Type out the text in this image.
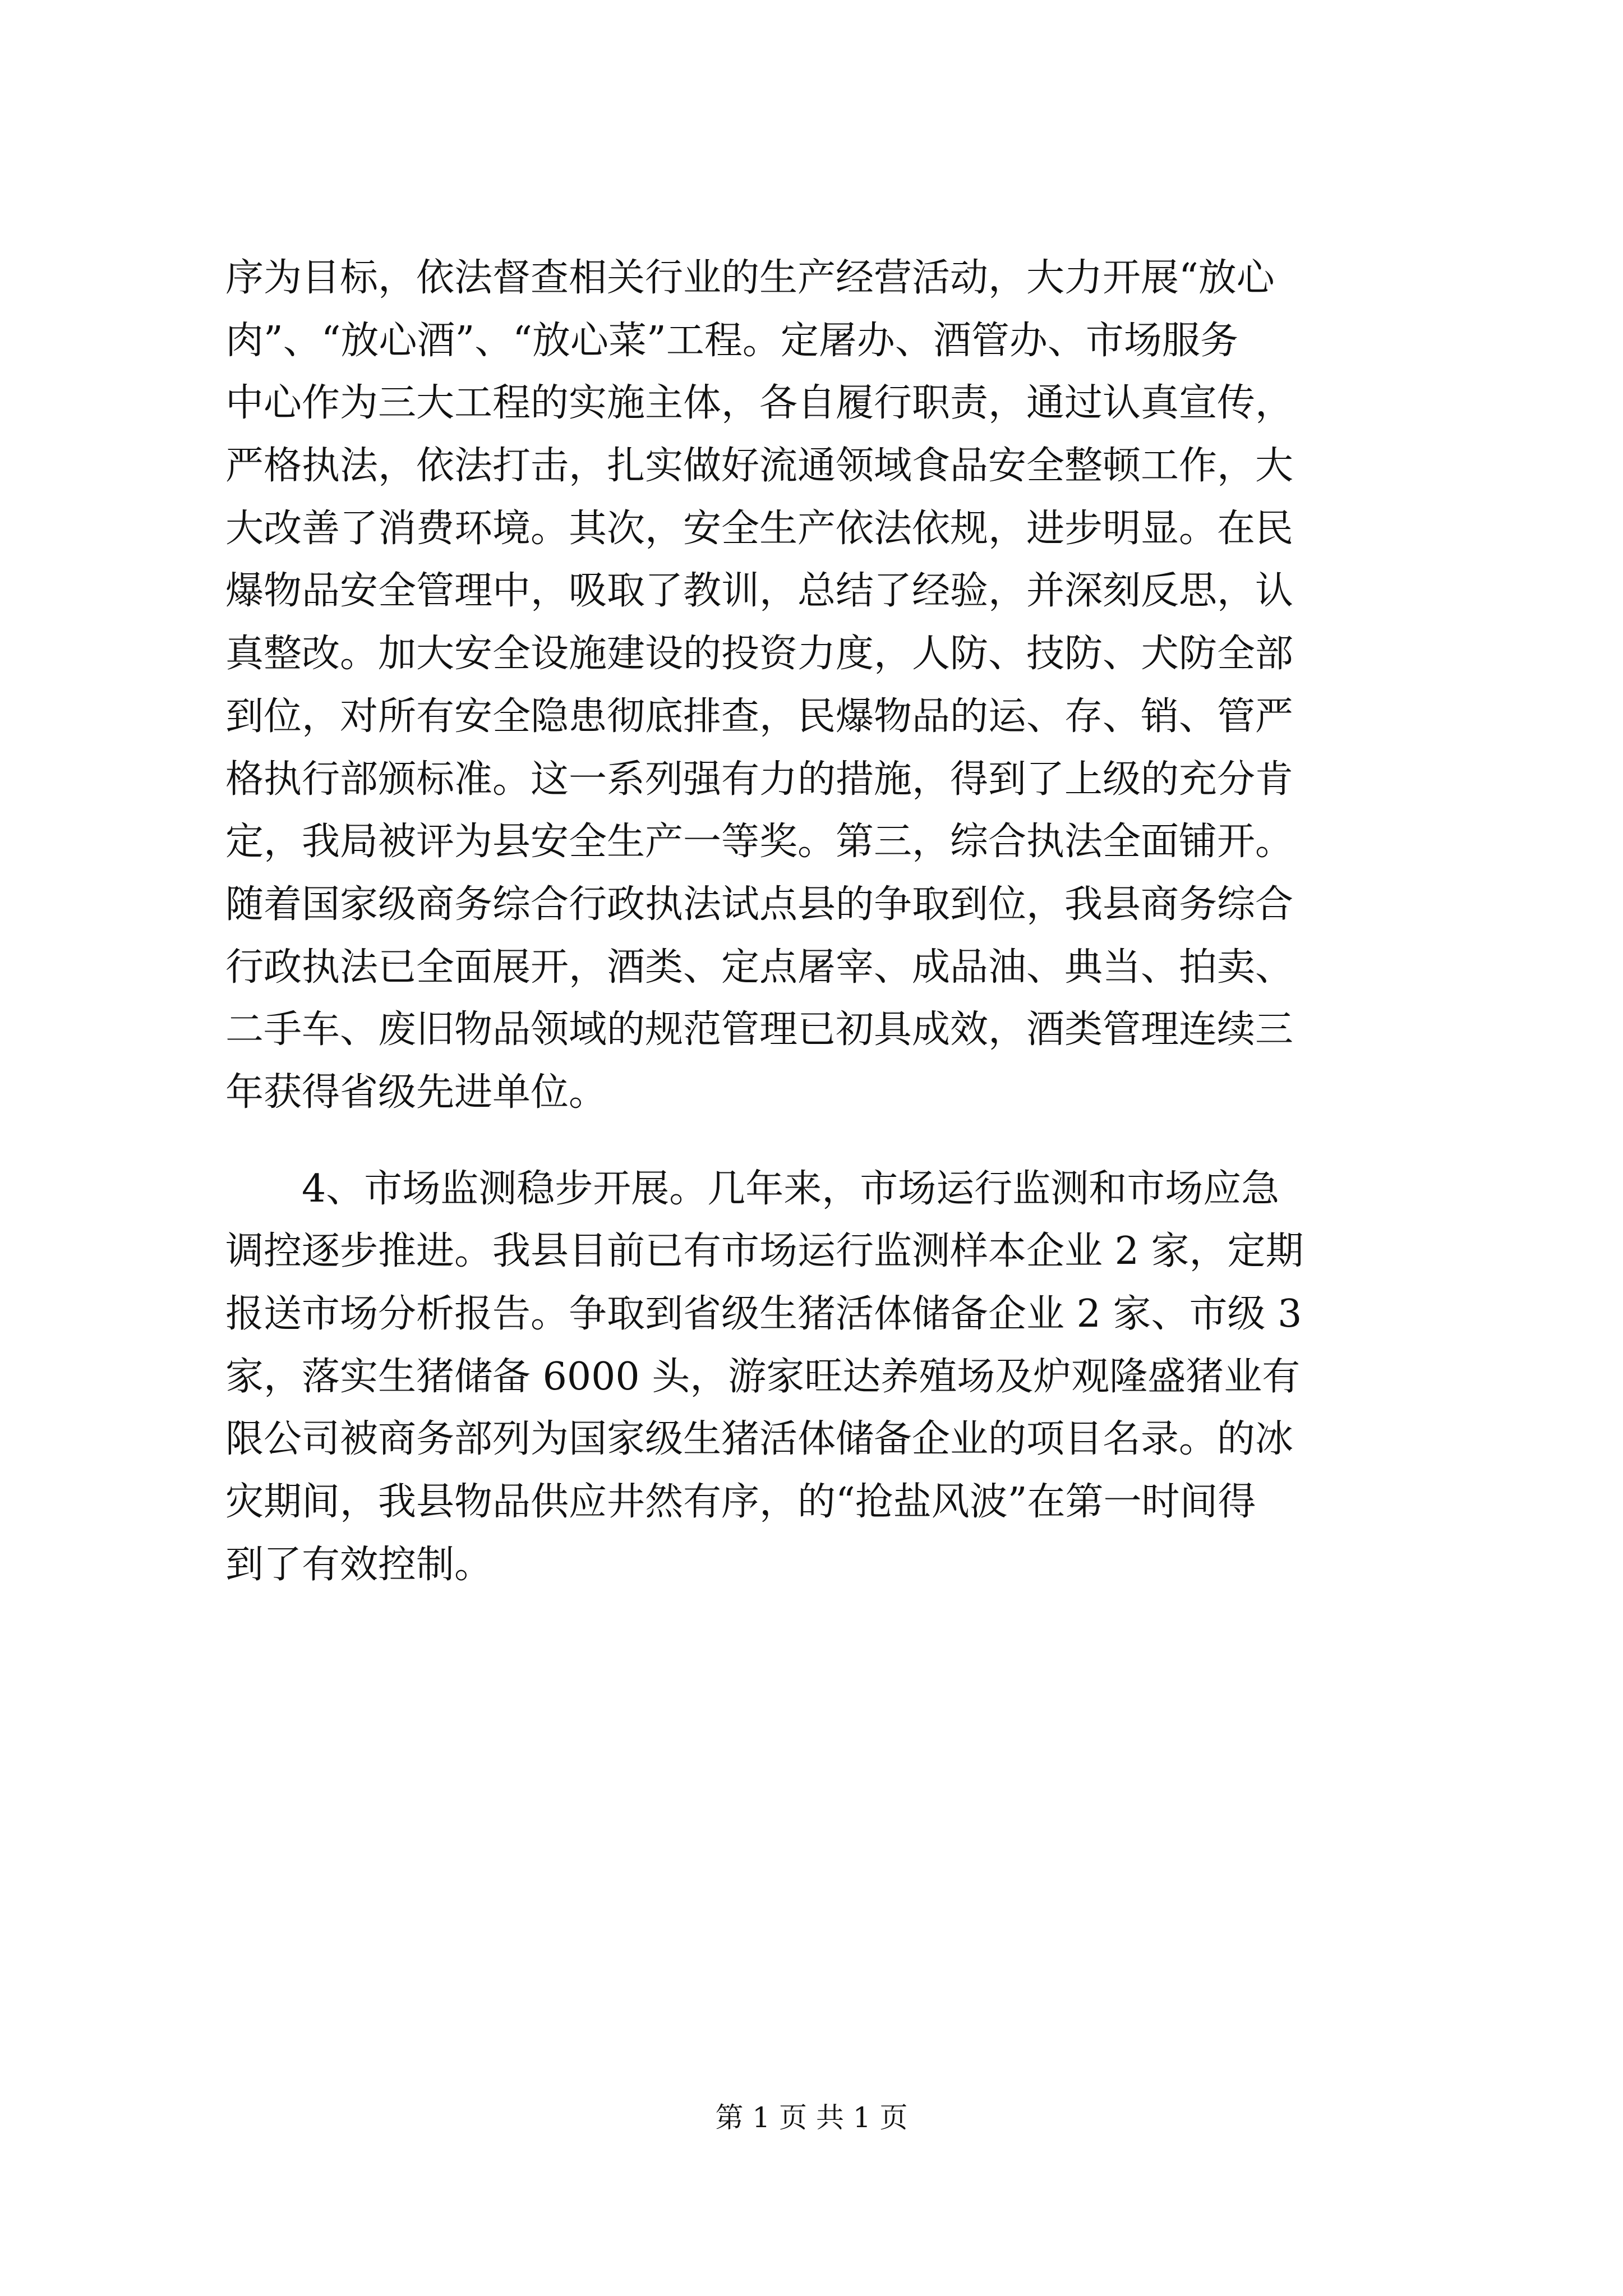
序为目标，依法督查相关行业的生产经营活动，大力开展“放心
肉”、“放心酒”、“放心菜”工程。定屠办、酒管办、市场服务
中心作为三大工程的实施主体，各自履行职责，通过认真宣传，
严格执法，依法打击，扎实做好流通领域食品安全整顿工作，大
大改善了消费环境。其次，安全生产依法依规，进步明显。在民
爆物品安全管理中，吸取了教训，总结了经验，并深刻反思，认
真整改。加大安全设施建设的投资力度，人防、技防、犬防全部
到位，对所有安全隐患彻底排查，民爆物品的运、存、销、管严
格执行部颁标准。这一系列强有力的措施，得到了上级的充分肯
定，我局被评为县安全生产一等奖。第三，综合执法全面铺开。
随着国家级商务综合行政执法试点县的争取到位，我县商务综合
行政执法已全面展开，酒类、定点屠宰、成品油、典当、拍卖、
二手车、废旧物品领域的规范管理已初具成效，酒类管理连续三
年获得省级先进单位。
4、市场监测稳步开展。几年来，市场运行监测和市场应急
调控逐步推进。我县目前已有市场运行监测样本企业 2 家，定期
报送市场分析报告。争取到省级生猪活体储备企业 2 家、市级 3
家，落实生猪储备 6000 头，游家旺达养殖场及炉观隆盛猪业有
限公司被商务部列为国家级生猪活体储备企业的项目名录。的冰
灾期间，我县物品供应井然有序，的“抢盐风波”在第一时间得
到了有效控制。
第 1 页 共 1 页
